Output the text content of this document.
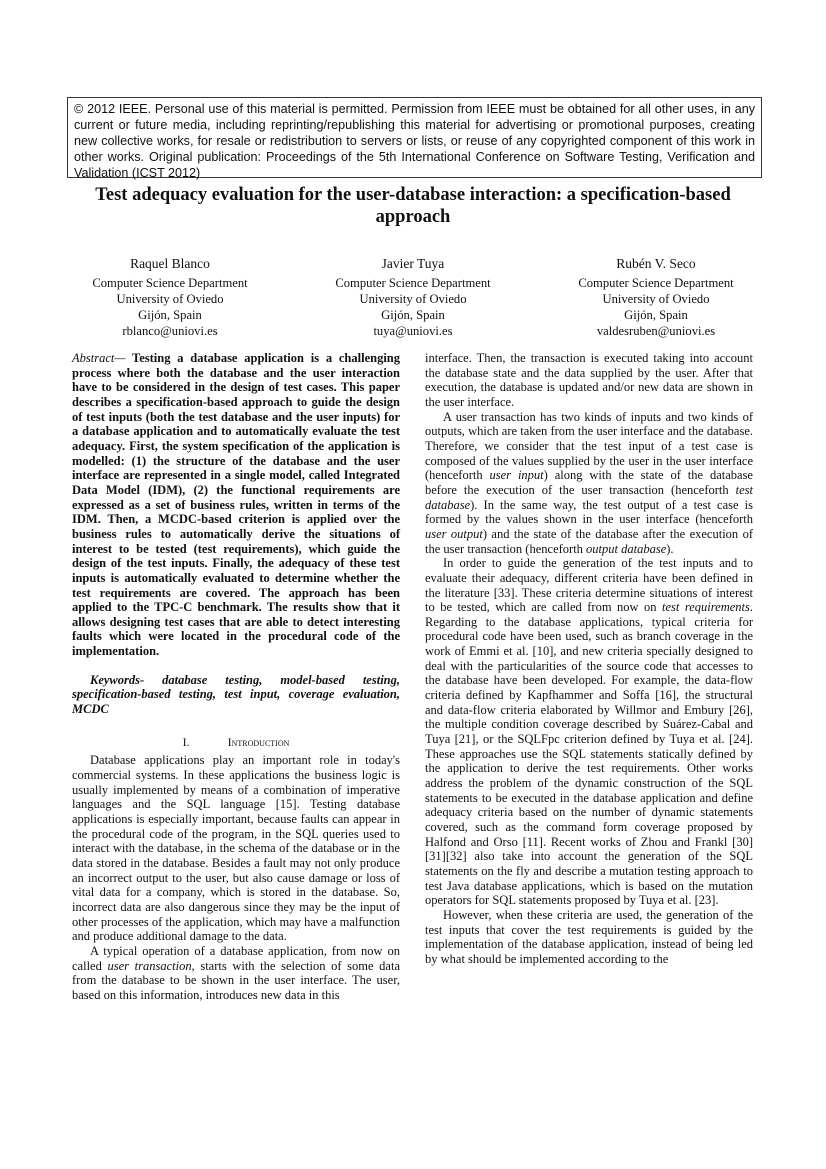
© 2012 IEEE. Personal use of this material is permitted. Permission from IEEE must be obtained for all other uses, in any current or future media, including reprinting/republishing this material for advertising or promotional purposes, creating new collective works, for resale or redistribution to servers or lists, or reuse of any copyrighted component of this work in other works. Original publication: Proceedings of the 5th International Conference on Software Testing, Verification and Validation (ICST 2012)
Test adequacy evaluation for the user-database interaction: a specification-based approach
Raquel Blanco
Computer Science Department
University of Oviedo
Gijón, Spain
rblanco@uniovi.es
Javier Tuya
Computer Science Department
University of Oviedo
Gijón, Spain
tuya@uniovi.es
Rubén V. Seco
Computer Science Department
University of Oviedo
Gijón, Spain
valdesruben@uniovi.es

Abstract— Testing a database application is a challenging process where both the database and the user interaction have to be considered in the design of test cases. This paper describes a specification-based approach to guide the design of test inputs (both the test database and the user inputs) for a database application and to automatically evaluate the test adequacy. First, the system specification of the application is modelled: (1) the structure of the database and the user interface are represented in a single model, called Integrated Data Model (IDM), (2) the functional requirements are expressed as a set of business rules, written in terms of the IDM. Then, a MCDC-based criterion is applied over the business rules to automatically derive the situations of interest to be tested (test requirements), which guide the design of the test inputs. Finally, the adequacy of these test inputs is automatically evaluated to determine whether the test requirements are covered. The approach has been applied to the TPC-C benchmark. The results show that it allows designing test cases that are able to detect interesting faults which were located in the procedural code of the implementation.

Keywords- database testing, model-based testing, specification-based testing, test input, coverage evaluation, MCDC

I.	Introduction

Database applications play an important role in today's commercial systems. In these applications the business logic is usually implemented by means of a combination of imperative languages and the SQL language [15]. Testing database applications is especially important, because faults can appear in the procedural code of the program, in the SQL queries used to interact with the database, in the schema of the database or in the data stored in the database. Besides a fault may not only produce an incorrect output to the user, but also cause damage or loss of vital data for a company, which is stored in the database. So, incorrect data are also dangerous since they may be the input of other processes of the application, which may have a malfunction and produce additional damage to the data.

A typical operation of a database application, from now on called user transaction, starts with the selection of some data from the database to be shown in the user interface. The user, based on this information, introduces new data in this

interface. Then, the transaction is executed taking into account the database state and the data supplied by the user. After that execution, the database is updated and/or new data are shown in the user interface.

A user transaction has two kinds of inputs and two kinds of outputs, which are taken from the user interface and the database. Therefore, we consider that the test input of a test case is composed of the values supplied by the user in the user interface (henceforth user input) along with the state of the database before the execution of the user transaction (henceforth test database). In the same way, the test output of a test case is formed by the values shown in the user interface (henceforth user output) and the state of the database after the execution of the user transaction (henceforth output database).

In order to guide the generation of the test inputs and to evaluate their adequacy, different criteria have been defined in the literature [33]. These criteria determine situations of interest to be tested, which are called from now on test requirements. Regarding to the database applications, typical criteria for procedural code have been used, such as branch coverage in the work of Emmi et al. [10], and new criteria specially designed to deal with the particularities of the source code that accesses to the database have been developed. For example, the data-flow criteria defined by Kapfhammer and Soffa [16], the structural and data-flow criteria elaborated by Willmor and Embury [26], the multiple condition coverage described by Suárez-Cabal and Tuya [21], or the SQLFpc criterion defined by Tuya et al. [24]. These approaches use the SQL statements statically defined by the application to derive the test requirements. Other works address the problem of the dynamic construction of the SQL statements to be executed in the database application and define adequacy criteria based on the number of dynamic statements covered, such as the command form coverage proposed by Halfond and Orso [11]. Recent works of Zhou and Frankl [30][31][32] also take into account the generation of the SQL statements on the fly and describe a mutation testing approach to test Java database applications, which is based on the mutation operators for SQL statements proposed by Tuya et al. [23].

However, when these criteria are used, the generation of the test inputs that cover the test requirements is guided by the implementation of the database application, instead of being led by what should be implemented according to the
